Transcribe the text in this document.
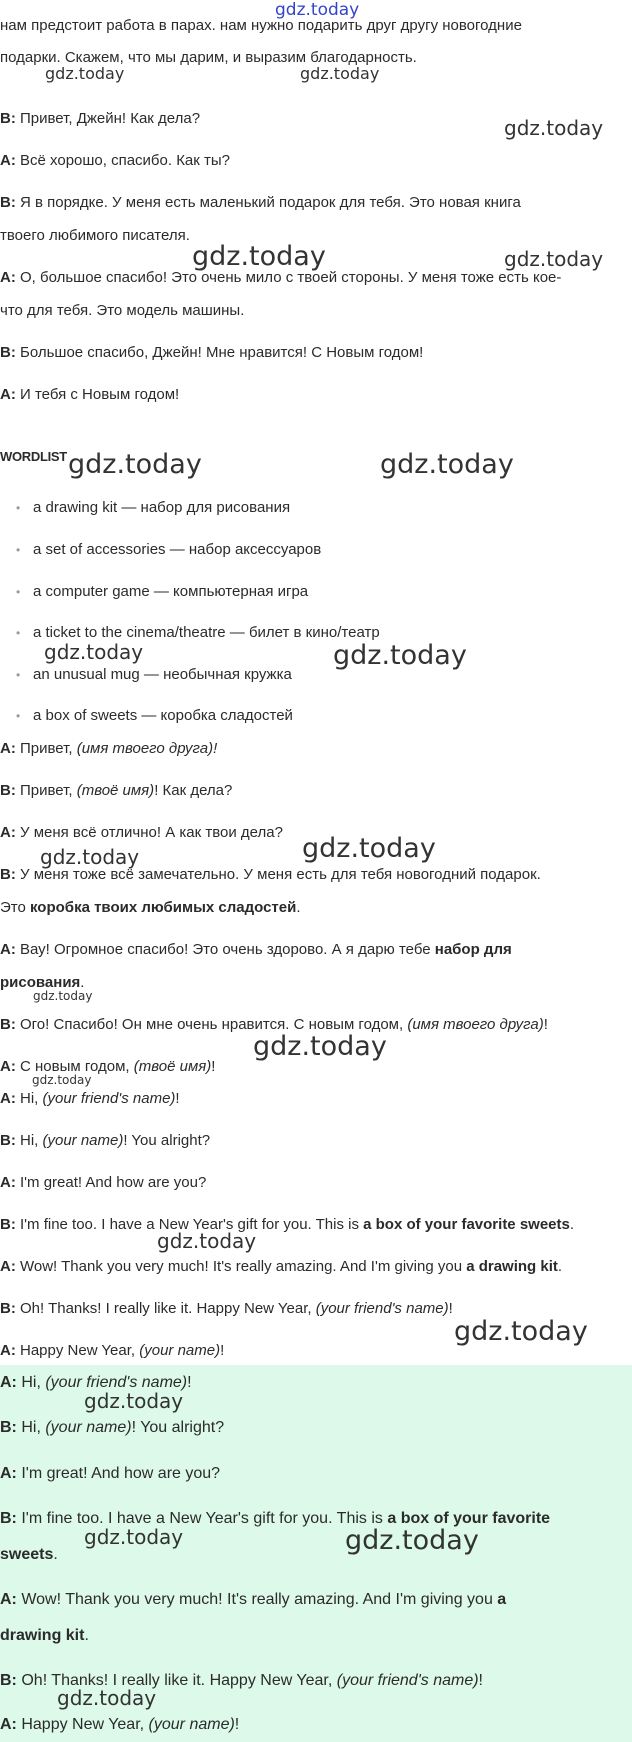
gdz.today
нам предстоит работа в парах. нам нужно подарить друг другу новогодние
подарки. Скажем, что мы дарим, и выразим благодарность.
B: Привет, Джейн! Как дела?
A: Всё хорошо, спасибо. Как ты?
B: Я в порядке. У меня есть маленький подарок для тебя. Это новая книга
твоего любимого писателя.
A: О, большое спасибо! Это очень мило с твоей стороны. У меня тоже есть кое-
что для тебя. Это модель машины.
B: Большое спасибо, Джейн! Мне нравится! С Новым годом!
A: И тебя с Новым годом!
WORDLIST
• a drawing kit — набор для рисования
• a set of accessories — набор аксессуаров
• a computer game — компьютерная игра
• a ticket to the cinema/theatre — билет в кино/театр
• an unusual mug — необычная кружка
• a box of sweets — коробка сладостей
A: Привет, (имя твоего друга)!
B: Привет, (твоё имя)! Как дела?
A: У меня всё отлично! А как твои дела?
B: У меня тоже всё замечательно. У меня есть для тебя новогодний подарок.
Это коробка твоих любимых сладостей.
A: Вау! Огромное спасибо! Это очень здорово. А я дарю тебе набор для
рисования.
B: Ого! Спасибо! Он мне очень нравится. С новым годом, (имя твоего друга)!
A: С новым годом, (твоё имя)!
A: Hi, (your friend's name)!
B: Hi, (your name)! You alright?
A: I'm great! And how are you?
B: I'm fine too. I have a New Year's gift for you. This is a box of your favorite sweets.
A: Wow! Thank you very much! It's really amazing. And I'm giving you a drawing kit.
B: Oh! Thanks! I really like it. Happy New Year, (your friend's name)!
A: Happy New Year, (your name)!
A: Hi, (your friend's name)!
B: Hi, (your name)! You alright?
A: I'm great! And how are you?
B: I'm fine too. I have a New Year's gift for you. This is a box of your favorite
sweets.
A: Wow! Thank you very much! It's really amazing. And I'm giving you a
drawing kit.
B: Oh! Thanks! I really like it. Happy New Year, (your friend's name)!
A: Happy New Year, (your name)!
gdz.today	gdz.today
gdz.today
gdz.today	gdz.today
gdz.today	gdz.today
gdz.today	gdz.today
gdz.today	gdz.today
gdz.today
gdz.today
gdz.today
gdz.today
gdz.today
gdz.today
gdz.today	gdz.today
gdz.today
